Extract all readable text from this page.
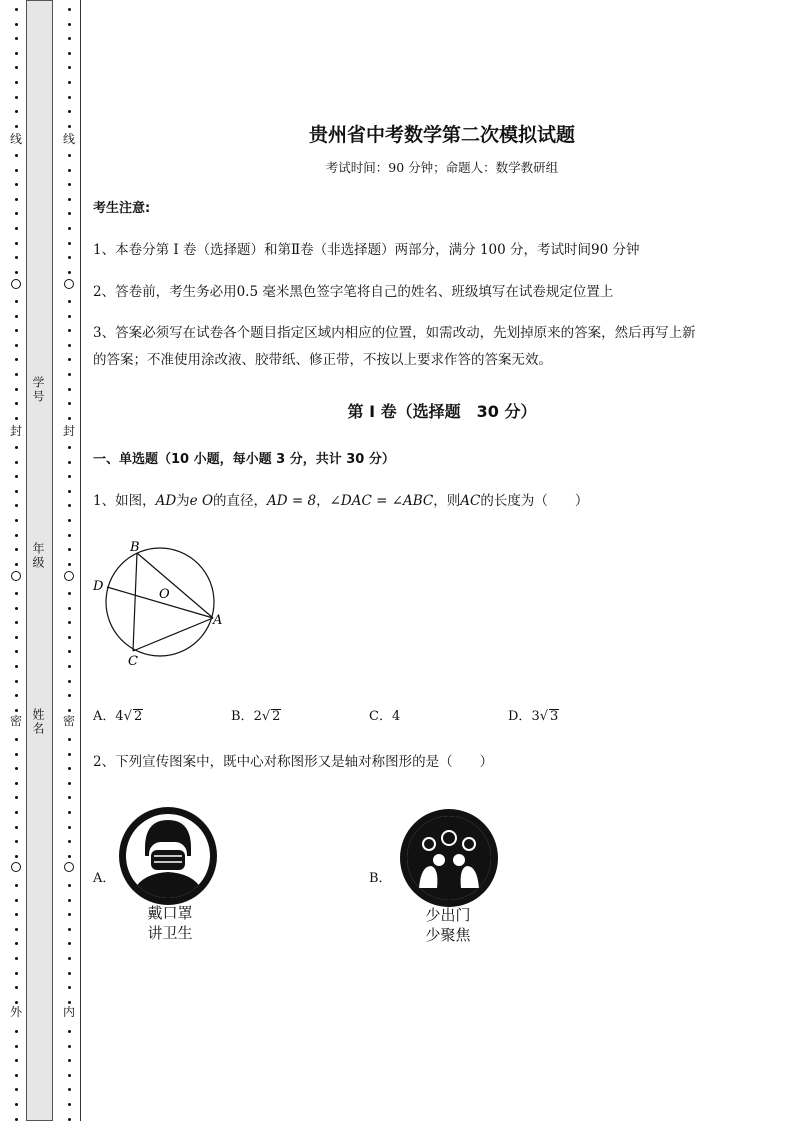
线
封
密
外
学号
年级
姓名
线
封
密
内
贵州省中考数学第二次模拟试题
考试时间：90 分钟；命题人：数学教研组
考生注意:
1、本卷分第 I 卷（选择题）和第Ⅱ卷（非选择题）两部分，满分 100 分，考试时间90 分钟
2、答卷前，考生务必用0.5 毫米黑色签字笔将自己的姓名、班级填写在试卷规定位置上
3、答案必须写在试卷各个题目指定区域内相应的位置，如需改动，先划掉原来的答案，然后再写上新
的答案；不准使用涂改液、胶带纸、修正带，不按以上要求作答的答案无效。
第 I 卷（选择题　30 分）
一、单选题（10 小题，每小题 3 分，共计 30 分）
1、如图，AD为e O的直径，AD = 8，∠DAC = ∠ABC，则AC的长度为（　　）
B
D
O
A
C
A．4√ 2	B．2√ 2	C．4	D．3√ 3
2、下列宣传图案中，既中心对称图形又是轴对称图形的是（　　）
A．
戴口罩
讲卫生
B．
少出门
少聚焦
